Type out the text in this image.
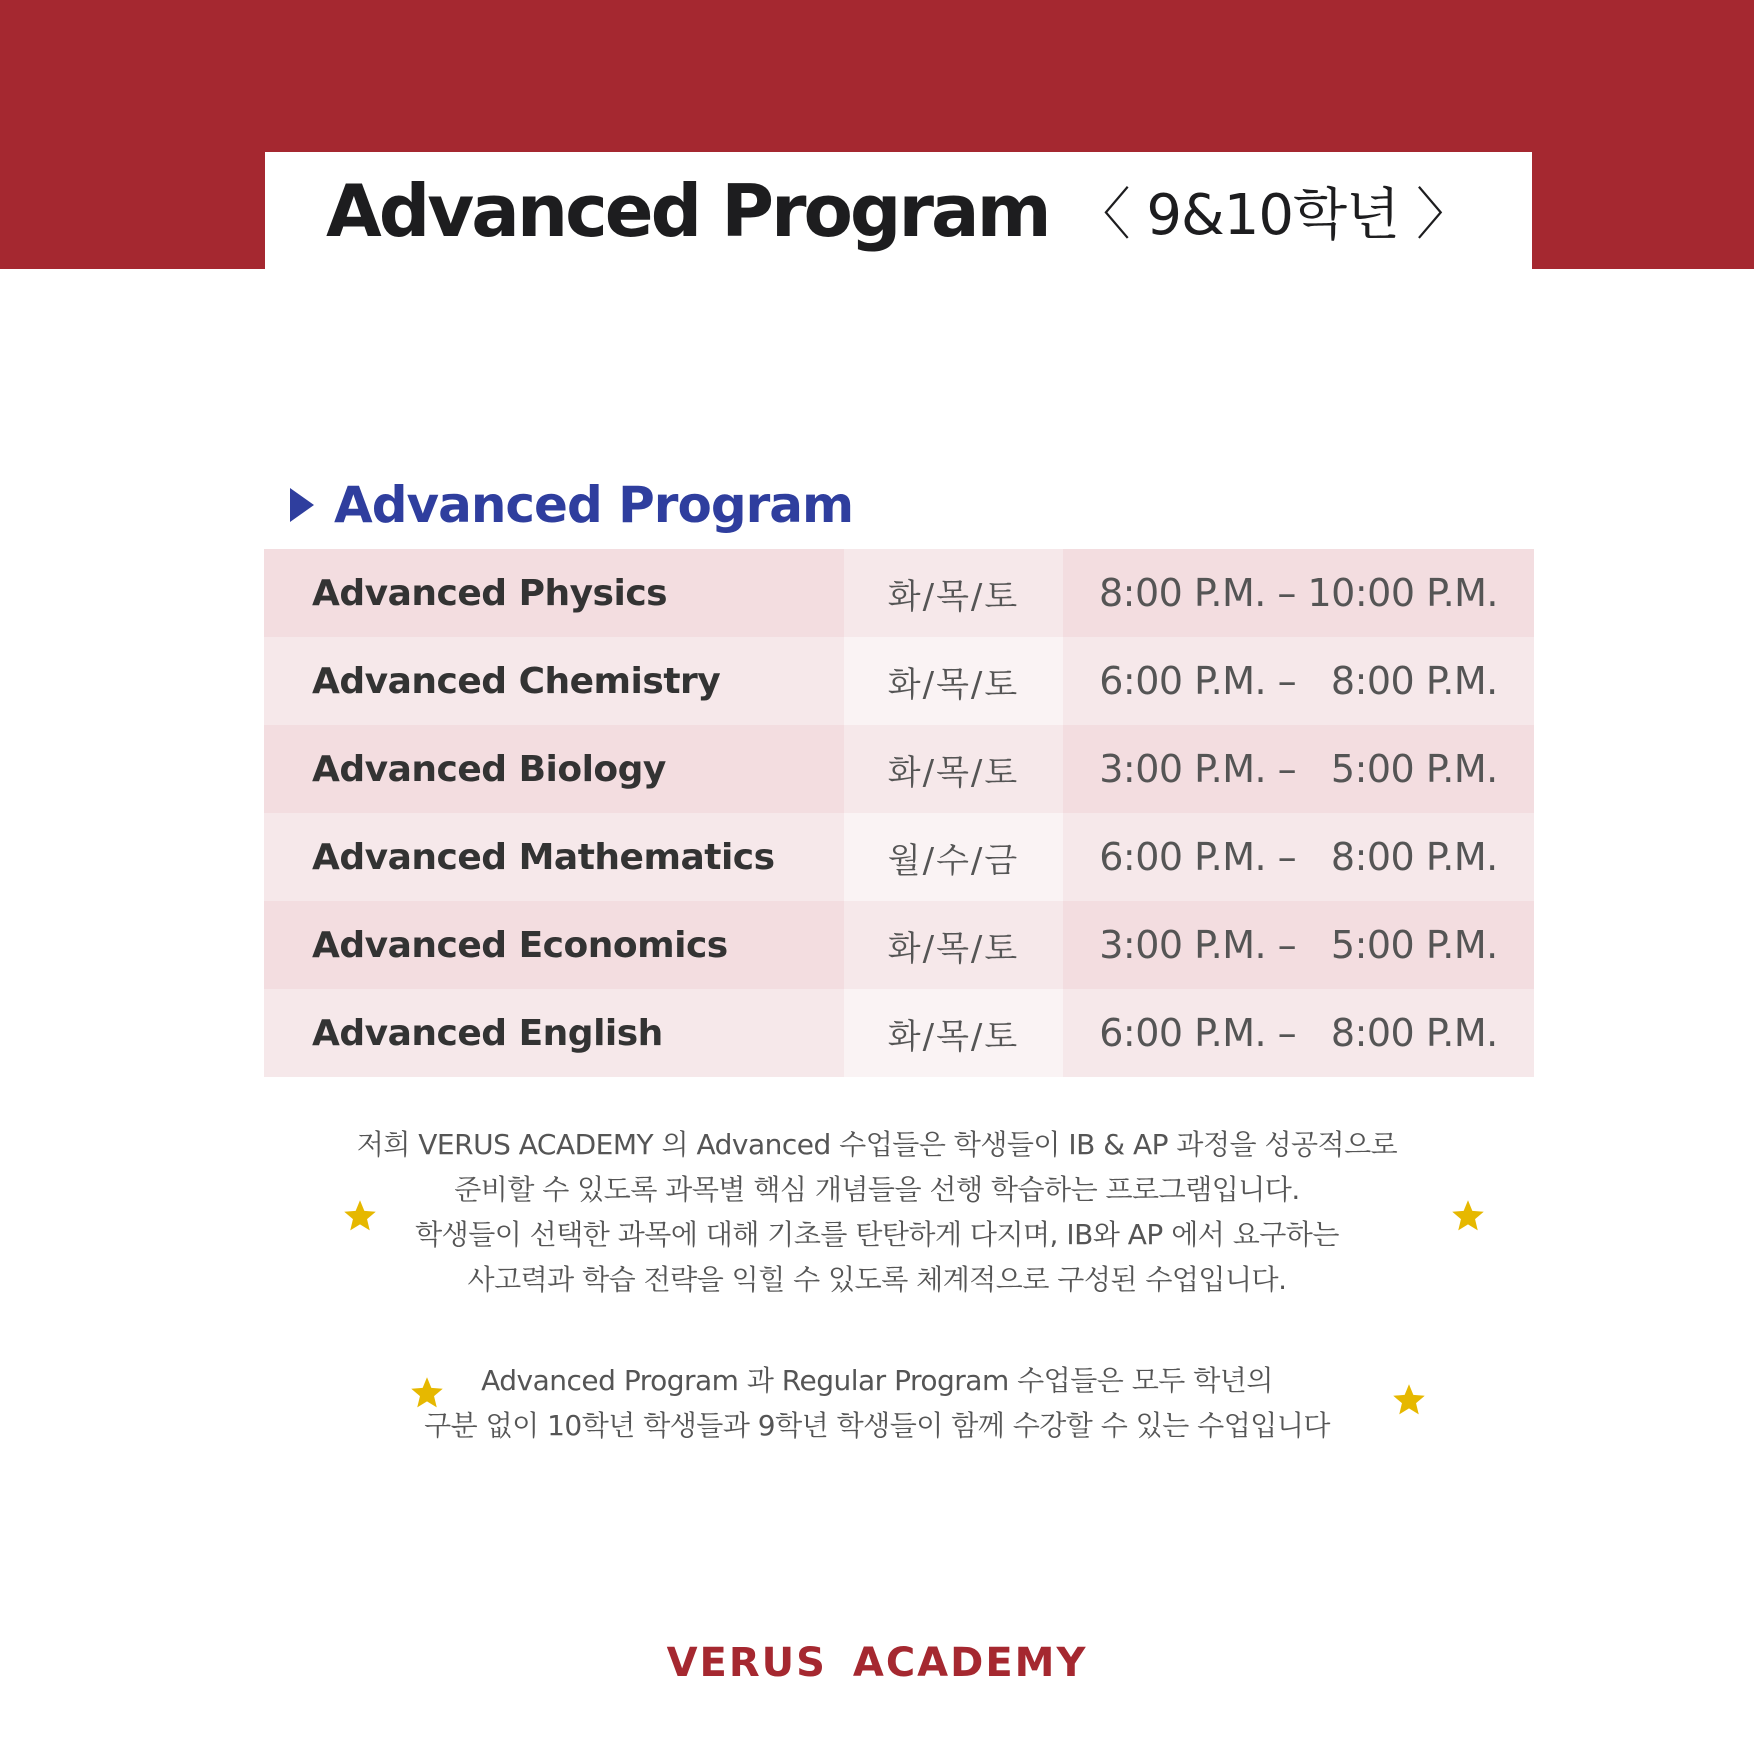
Advanced Program 〈 9&10학년 〉
Advanced Program
Advanced Physics	화/목/토 8:00 P.M. – 10:00 P.M.
Advanced Chemistry	화/목/토 6:00 P.M. –   8:00 P.M.
Advanced Biology	화/목/토 3:00 P.M. –   5:00 P.M.
Advanced Mathematics	월/수/금 6:00 P.M. –   8:00 P.M.
Advanced Economics	화/목/토 3:00 P.M. –   5:00 P.M.
Advanced English	화/목/토 6:00 P.M. –   8:00 P.M.
저희 VERUS ACADEMY 의 Advanced 수업들은 학생들이 IB & AP 과정을 성공적으로
준비할 수 있도록 과목별 핵심 개념들을 선행 학습하는 프로그램입니다.
학생들이 선택한 과목에 대해 기초를 탄탄하게 다지며, IB와 AP 에서 요구하는
사고력과 학습 전략을 익힐 수 있도록 체계적으로 구성된 수업입니다.
Advanced Program 과 Regular Program 수업들은 모두 학년의
구분 없이 10학년 학생들과 9학년 학생들이 함께 수강할 수 있는 수업입니다
VERUS ACADEMY
